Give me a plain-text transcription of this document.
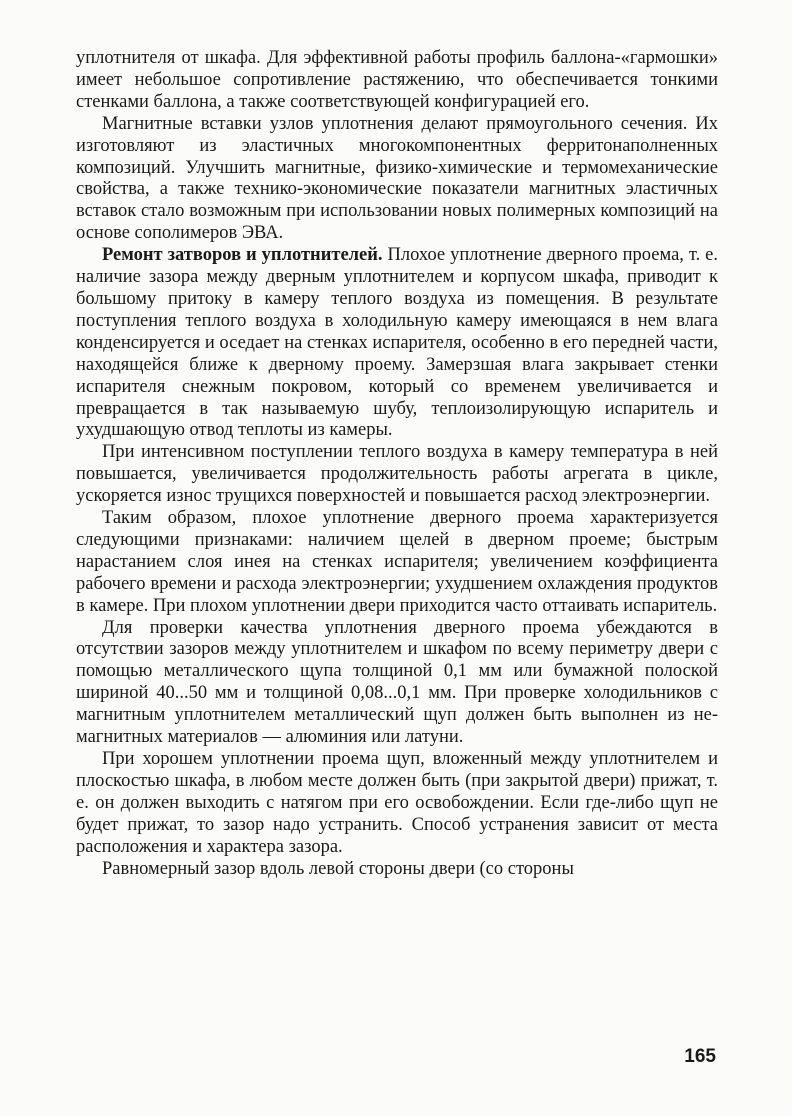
уплотнителя от шкафа. Для эффективной работы профиль баллона-«гармошки» имеет небольшое сопротивление растяжению, что обеспечивается тонкими стенками баллона, а также соответствующей конфигурацией его.

Магнитные вставки узлов уплотнения делают прямоугольного сечения. Их изготовляют из эластичных многокомпонентных ферритонаполненных композиций. Улучшить магнитные, физико-химические и термомеханические свойства, а также технико-экономические показатели магнитных эластичных вставок стало возможным при использовании новых полимерных композиций на основе сополимеров ЭВА.

Ремонт затворов и уплотнителей. Плохое уплотнение дверного проема, т. е. наличие зазора между дверным уплотнителем и корпусом шкафа, приводит к большому притоку в камеру теплого воздуха из помещения. В результате поступления теплого воздуха в холодильную камеру имеющаяся в нем влага конденсируется и оседает на стенках испарителя, особенно в его передней части, находящейся ближе к дверному проему. Замерзшая влага закрывает стенки испарителя снежным покровом, который со временем увеличивается и превращается в так называемую шубу, теплоизолирующую испаритель и ухудшающую отвод теплоты из камеры.

При интенсивном поступлении теплого воздуха в камеру температура в ней повышается, увеличивается продолжительность работы агрегата в цикле, ускоряется износ трущихся поверхностей и повышается расход электроэнергии.

Таким образом, плохое уплотнение дверного проема характеризуется следующими признаками: наличием щелей в дверном проеме; быстрым нарастанием слоя инея на стенках испарителя; увеличением коэффициента рабочего времени и расхода электроэнергии; ухудшением охлаждения продуктов в камере. При плохом уплотнении двери приходится часто оттаивать испаритель.

Для проверки качества уплотнения дверного проема убеждаются в отсутствии зазоров между уплотнителем и шкафом по всему периметру двери с помощью металлического щупа толщиной 0,1 мм или бумажной полоской шириной 40...50 мм и толщиной 0,08...0,1 мм. При проверке холодильников с магнитным уплотнителем металлический щуп должен быть выполнен из немагнитных материалов — алюминия или латуни.

При хорошем уплотнении проема щуп, вложенный между уплотнителем и плоскостью шкафа, в любом месте должен быть (при закрытой двери) прижат, т. е. он должен выходить с натягом при его освобождении. Если где-либо щуп не будет прижат, то зазор надо устранить. Способ устранения зависит от места расположения и характера зазора.

Равномерный зазор вдоль левой стороны двери (со стороны

165
